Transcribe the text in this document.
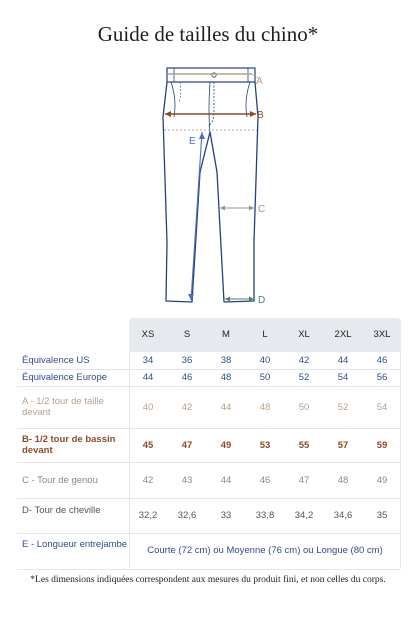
Guide de tailles du chino*
A
B
C
D
E
XS	S	M	L	XL	2XL	3XL
Équivalence US	34	36	38	40	42	44	46
Équivalence Europe	44	46	48	50	52	54	56
A - 1/2 tour de taille devant	40	42	44	48	50	52	54
B- 1/2 tour de bassin devant	45	47	49	53	55	57	59
C - Tour de genou	42	43	44	46	47	48	49
D- Tour de cheville	32,2	32,6	33	33,8	34,2	34,6	35
E - Longueur entrejambe
Courte (72 cm) ou Moyenne (76 cm) ou Longue (80 cm)
*Les dimensions indiquées correspondent aux mesures du produit fini, et non celles du corps.
